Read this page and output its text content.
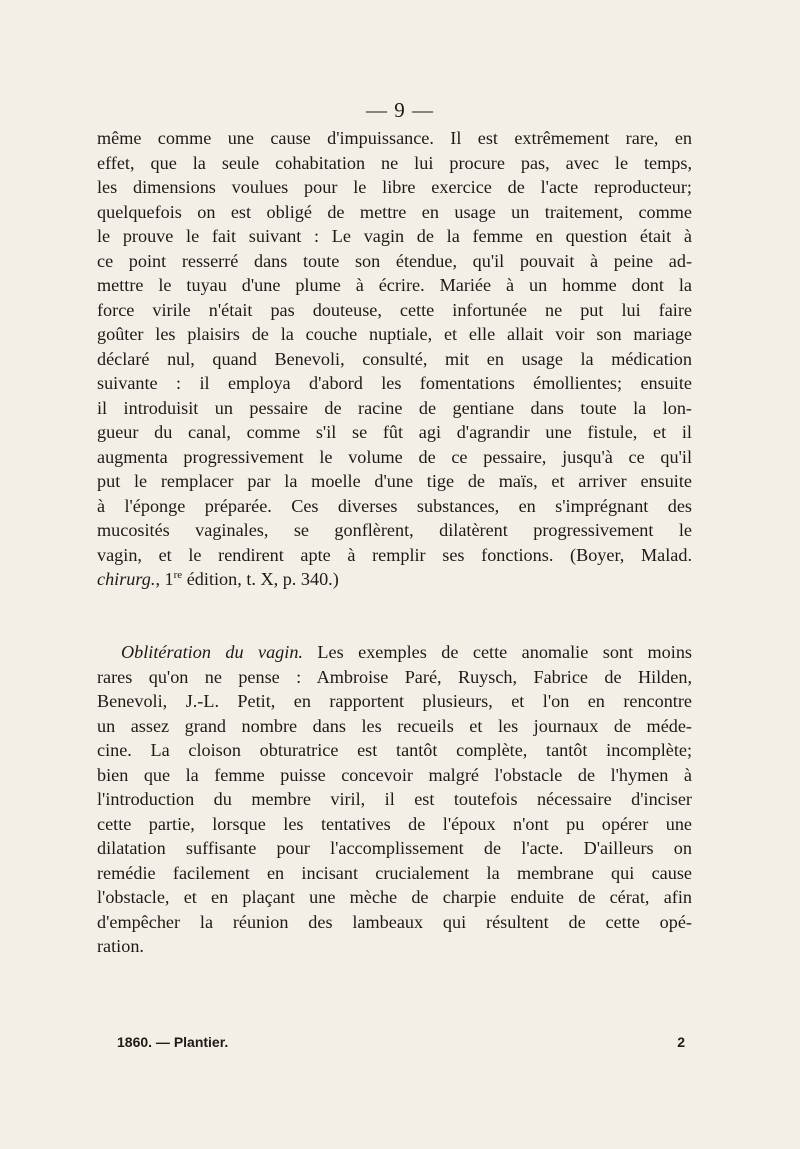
— 9 —
même comme une cause d'impuissance. Il est extrêmement rare, en
effet, que la seule cohabitation ne lui procure pas, avec le temps,
les dimensions voulues pour le libre exercice de l'acte reproducteur;
quelquefois on est obligé de mettre en usage un traitement, comme
le prouve le fait suivant : Le vagin de la femme en question était à
ce point resserré dans toute son étendue, qu'il pouvait à peine ad-
mettre le tuyau d'une plume à écrire. Mariée à un homme dont la
force virile n'était pas douteuse, cette infortunée ne put lui faire
goûter les plaisirs de la couche nuptiale, et elle allait voir son mariage
déclaré nul, quand Benevoli, consulté, mit en usage la médication
suivante : il employa d'abord les fomentations émollientes; ensuite
il introduisit un pessaire de racine de gentiane dans toute la lon-
gueur du canal, comme s'il se fût agi d'agrandir une fistule, et il
augmenta progressivement le volume de ce pessaire, jusqu'à ce qu'il
put le remplacer par la moelle d'une tige de maïs, et arriver ensuite
à l'éponge préparée. Ces diverses substances, en s'imprégnant des
mucosités vaginales, se gonflèrent, dilatèrent progressivement le
vagin, et le rendirent apte à remplir ses fonctions. (Boyer, Malad.
chirurg., 1re édition, t. X, p. 340.)
Oblitération du vagin. Les exemples de cette anomalie sont moins
rares qu'on ne pense : Ambroise Paré, Ruysch, Fabrice de Hilden,
Benevoli, J.-L. Petit, en rapportent plusieurs, et l'on en rencontre
un assez grand nombre dans les recueils et les journaux de méde-
cine. La cloison obturatrice est tantôt complète, tantôt incomplète;
bien que la femme puisse concevoir malgré l'obstacle de l'hymen à
l'introduction du membre viril, il est toutefois nécessaire d'inciser
cette partie, lorsque les tentatives de l'époux n'ont pu opérer une
dilatation suffisante pour l'accomplissement de l'acte. D'ailleurs on
remédie facilement en incisant crucialement la membrane qui cause
l'obstacle, et en plaçant une mèche de charpie enduite de cérat, afin
d'empêcher la réunion des lambeaux qui résultent de cette opé-
ration.
1860. — Plantier.	2
